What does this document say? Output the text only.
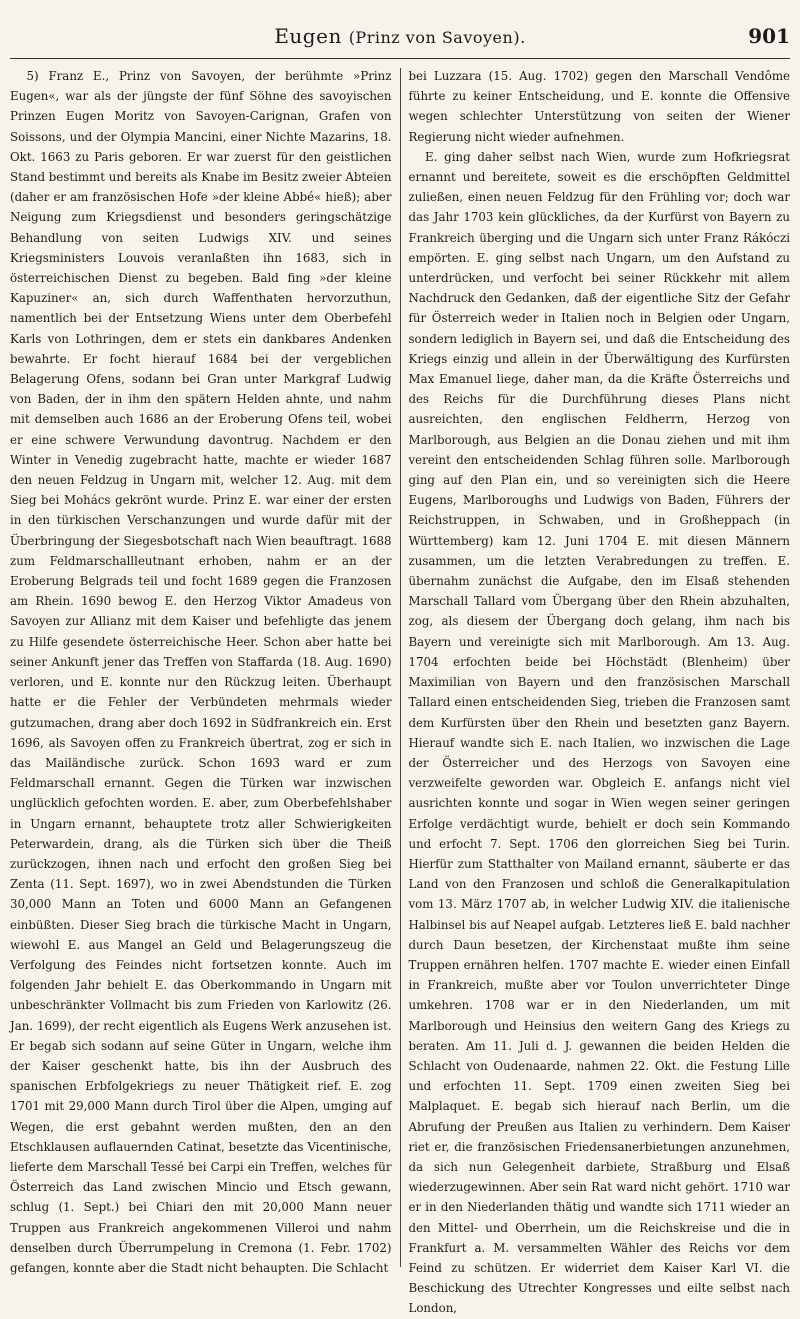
Eugen (Prinz von Savoyen).	901

5) Franz E., Prinz von Savoyen, der berühmte »Prinz Eugen«, war als der jüngste der fünf Söhne des savoyischen Prinzen Eugen Moritz von Savoyen-Carignan, Grafen von Soissons, und der Olympia Mancini, einer Nichte Mazarins, 18. Okt. 1663 zu Paris geboren. Er war zuerst für den geistlichen Stand bestimmt und bereits als Knabe im Besitz zweier Abteien (daher er am französischen Hofe »der kleine Abbé« hieß); aber Neigung zum Kriegsdienst und besonders geringschätzige Behandlung von seiten Ludwigs XIV. und seines Kriegsministers Louvois veranlaßten ihn 1683, sich in österreichischen Dienst zu begeben. Bald fing »der kleine Kapuziner« an, sich durch Waffenthaten hervorzuthun, namentlich bei der Entsetzung Wiens unter dem Oberbefehl Karls von Lothringen, dem er stets ein dankbares Andenken bewahrte. Er focht hierauf 1684 bei der vergeblichen Belagerung Ofens, sodann bei Gran unter Markgraf Ludwig von Baden, der in ihm den spätern Helden ahnte, und nahm mit demselben auch 1686 an der Eroberung Ofens teil, wobei er eine schwere Verwundung davontrug. Nachdem er den Winter in Venedig zugebracht hatte, machte er wieder 1687 den neuen Feldzug in Ungarn mit, welcher 12. Aug. mit dem Sieg bei Mohács gekrönt wurde. Prinz E. war einer der ersten in den türkischen Verschanzungen und wurde dafür mit der Überbringung der Siegesbotschaft nach Wien beauftragt. 1688 zum Feldmarschallleutnant erhoben, nahm er an der Eroberung Belgrads teil und focht 1689 gegen die Franzosen am Rhein. 1690 bewog E. den Herzog Viktor Amadeus von Savoyen zur Allianz mit dem Kaiser und befehligte das jenem zu Hilfe gesendete österreichische Heer. Schon aber hatte bei seiner Ankunft jener das Treffen von Staffarda (18. Aug. 1690) verloren, und E. konnte nur den Rückzug leiten. Überhaupt hatte er die Fehler der Verbündeten mehrmals wieder gutzumachen, drang aber doch 1692 in Südfrankreich ein. Erst 1696, als Savoyen offen zu Frankreich übertrat, zog er sich in das Mailändische zurück. Schon 1693 ward er zum Feldmarschall ernannt. Gegen die Türken war inzwischen unglücklich gefochten worden. E. aber, zum Oberbefehlshaber in Ungarn ernannt, behauptete trotz aller Schwierigkeiten Peterwardein, drang, als die Türken sich über die Theiß zurückzogen, ihnen nach und erfocht den großen Sieg bei Zenta (11. Sept. 1697), wo in zwei Abendstunden die Türken 30,000 Mann an Toten und 6000 Mann an Gefangenen einbüßten. Dieser Sieg brach die türkische Macht in Ungarn, wiewohl E. aus Mangel an Geld und Belagerungszeug die Verfolgung des Feindes nicht fortsetzen konnte. Auch im folgenden Jahr behielt E. das Oberkommando in Ungarn mit unbeschränkter Vollmacht bis zum Frieden von Karlowitz (26. Jan. 1699), der recht eigentlich als Eugens Werk anzusehen ist. Er begab sich sodann auf seine Güter in Ungarn, welche ihm der Kaiser geschenkt hatte, bis ihn der Ausbruch des spanischen Erbfolgekriegs zu neuer Thätigkeit rief. E. zog 1701 mit 29,000 Mann durch Tirol über die Alpen, umging auf Wegen, die erst gebahnt werden mußten, den an den Etschklausen auflauernden Catinat, besetzte das Vicentinische, lieferte dem Marschall Tessé bei Carpi ein Treffen, welches für Österreich das Land zwischen Mincio und Etsch gewann, schlug (1. Sept.) bei Chiari den mit 20,000 Mann neuer Truppen aus Frankreich angekommenen Villeroi und nahm denselben durch Überrumpelung in Cremona (1. Febr. 1702) gefangen, konnte aber die Stadt nicht behaupten. Die Schlacht

bei Luzzara (15. Aug. 1702) gegen den Marschall Vendôme führte zu keiner Entscheidung, und E. konnte die Offensive wegen schlechter Unterstützung von seiten der Wiener Regierung nicht wieder aufnehmen.

E. ging daher selbst nach Wien, wurde zum Hofkriegsrat ernannt und bereitete, soweit es die erschöpften Geldmittel zuließen, einen neuen Feldzug für den Frühling vor; doch war das Jahr 1703 kein glückliches, da der Kurfürst von Bayern zu Frankreich überging und die Ungarn sich unter Franz Rákóczi empörten. E. ging selbst nach Ungarn, um den Aufstand zu unterdrücken, und verfocht bei seiner Rückkehr mit allem Nachdruck den Gedanken, daß der eigentliche Sitz der Gefahr für Österreich weder in Italien noch in Belgien oder Ungarn, sondern lediglich in Bayern sei, und daß die Entscheidung des Kriegs einzig und allein in der Überwältigung des Kurfürsten Max Emanuel liege, daher man, da die Kräfte Österreichs und des Reichs für die Durchführung dieses Plans nicht ausreichten, den englischen Feldherrn, Herzog von Marlborough, aus Belgien an die Donau ziehen und mit ihm vereint den entscheidenden Schlag führen solle. Marlborough ging auf den Plan ein, und so vereinigten sich die Heere Eugens, Marlboroughs und Ludwigs von Baden, Führers der Reichstruppen, in Schwaben, und in Großheppach (in Württemberg) kam 12. Juni 1704 E. mit diesen Männern zusammen, um die letzten Verabredungen zu treffen. E. übernahm zunächst die Aufgabe, den im Elsaß stehenden Marschall Tallard vom Übergang über den Rhein abzuhalten, zog, als diesem der Übergang doch gelang, ihm nach bis Bayern und vereinigte sich mit Marlborough. Am 13. Aug. 1704 erfochten beide bei Höchstädt (Blenheim) über Maximilian von Bayern und den französischen Marschall Tallard einen entscheidenden Sieg, trieben die Franzosen samt dem Kurfürsten über den Rhein und besetzten ganz Bayern. Hierauf wandte sich E. nach Italien, wo inzwischen die Lage der Österreicher und des Herzogs von Savoyen eine verzweifelte geworden war. Obgleich E. anfangs nicht viel ausrichten konnte und sogar in Wien wegen seiner geringen Erfolge verdächtigt wurde, behielt er doch sein Kommando und erfocht 7. Sept. 1706 den glorreichen Sieg bei Turin. Hierfür zum Statthalter von Mailand ernannt, säuberte er das Land von den Franzosen und schloß die Generalkapitulation vom 13. März 1707 ab, in welcher Ludwig XIV. die italienische Halbinsel bis auf Neapel aufgab. Letzteres ließ E. bald nachher durch Daun besetzen, der Kirchenstaat mußte ihm seine Truppen ernähren helfen. 1707 machte E. wieder einen Einfall in Frankreich, mußte aber vor Toulon unverrichteter Dinge umkehren. 1708 war er in den Niederlanden, um mit Marlborough und Heinsius den weitern Gang des Kriegs zu beraten. Am 11. Juli d. J. gewannen die beiden Helden die Schlacht von Oudenaarde, nahmen 22. Okt. die Festung Lille und erfochten 11. Sept. 1709 einen zweiten Sieg bei Malplaquet. E. begab sich hierauf nach Berlin, um die Abrufung der Preußen aus Italien zu verhindern. Dem Kaiser riet er, die französischen Friedensanerbietungen anzunehmen, da sich nun Gelegenheit darbiete, Straßburg und Elsaß wiederzugewinnen. Aber sein Rat ward nicht gehört. 1710 war er in den Niederlanden thätig und wandte sich 1711 wieder an den Mittel- und Oberrhein, um die Reichskreise und die in Frankfurt a. M. versammelten Wähler des Reichs vor dem Feind zu schützen. Er widerriet dem Kaiser Karl VI. die Beschickung des Utrechter Kongresses und eilte selbst nach London,
